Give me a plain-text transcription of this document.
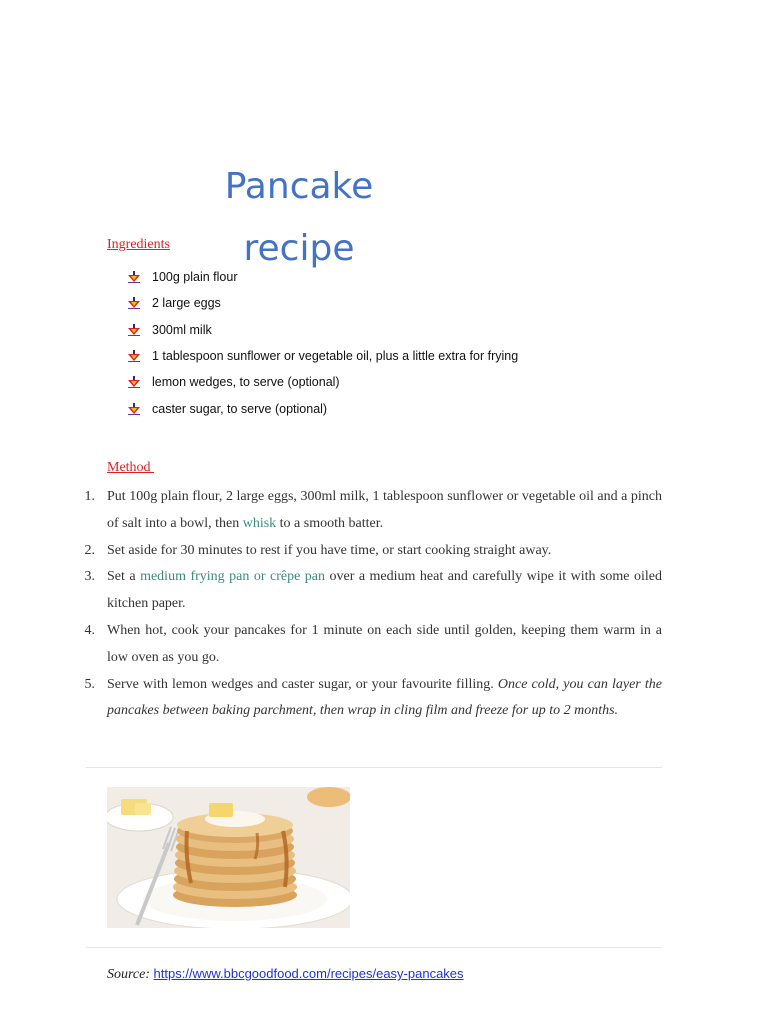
Pancake
recipe
Ingredients
100g plain flour
2 large eggs
300ml milk
1 tablespoon sunflower or vegetable oil, plus a little extra for frying
lemon wedges, to serve (optional)
caster sugar, to serve (optional)
Method
1. Put 100g plain flour, 2 large eggs, 300ml milk, 1 tablespoon sunflower or vegetable oil and a pinch of salt into a bowl, then whisk to a smooth batter.
2. Set aside for 30 minutes to rest if you have time, or start cooking straight away.
3. Set a medium frying pan or crêpe pan over a medium heat and carefully wipe it with some oiled kitchen paper.
4. When hot, cook your pancakes for 1 minute on each side until golden, keeping them warm in a low oven as you go.
5. Serve with lemon wedges and caster sugar, or your favourite filling. Once cold, you can layer the pancakes between baking parchment, then wrap in cling film and freeze for up to 2 months.
Source: https://www.bbcgoodfood.com/recipes/easy-pancakes
